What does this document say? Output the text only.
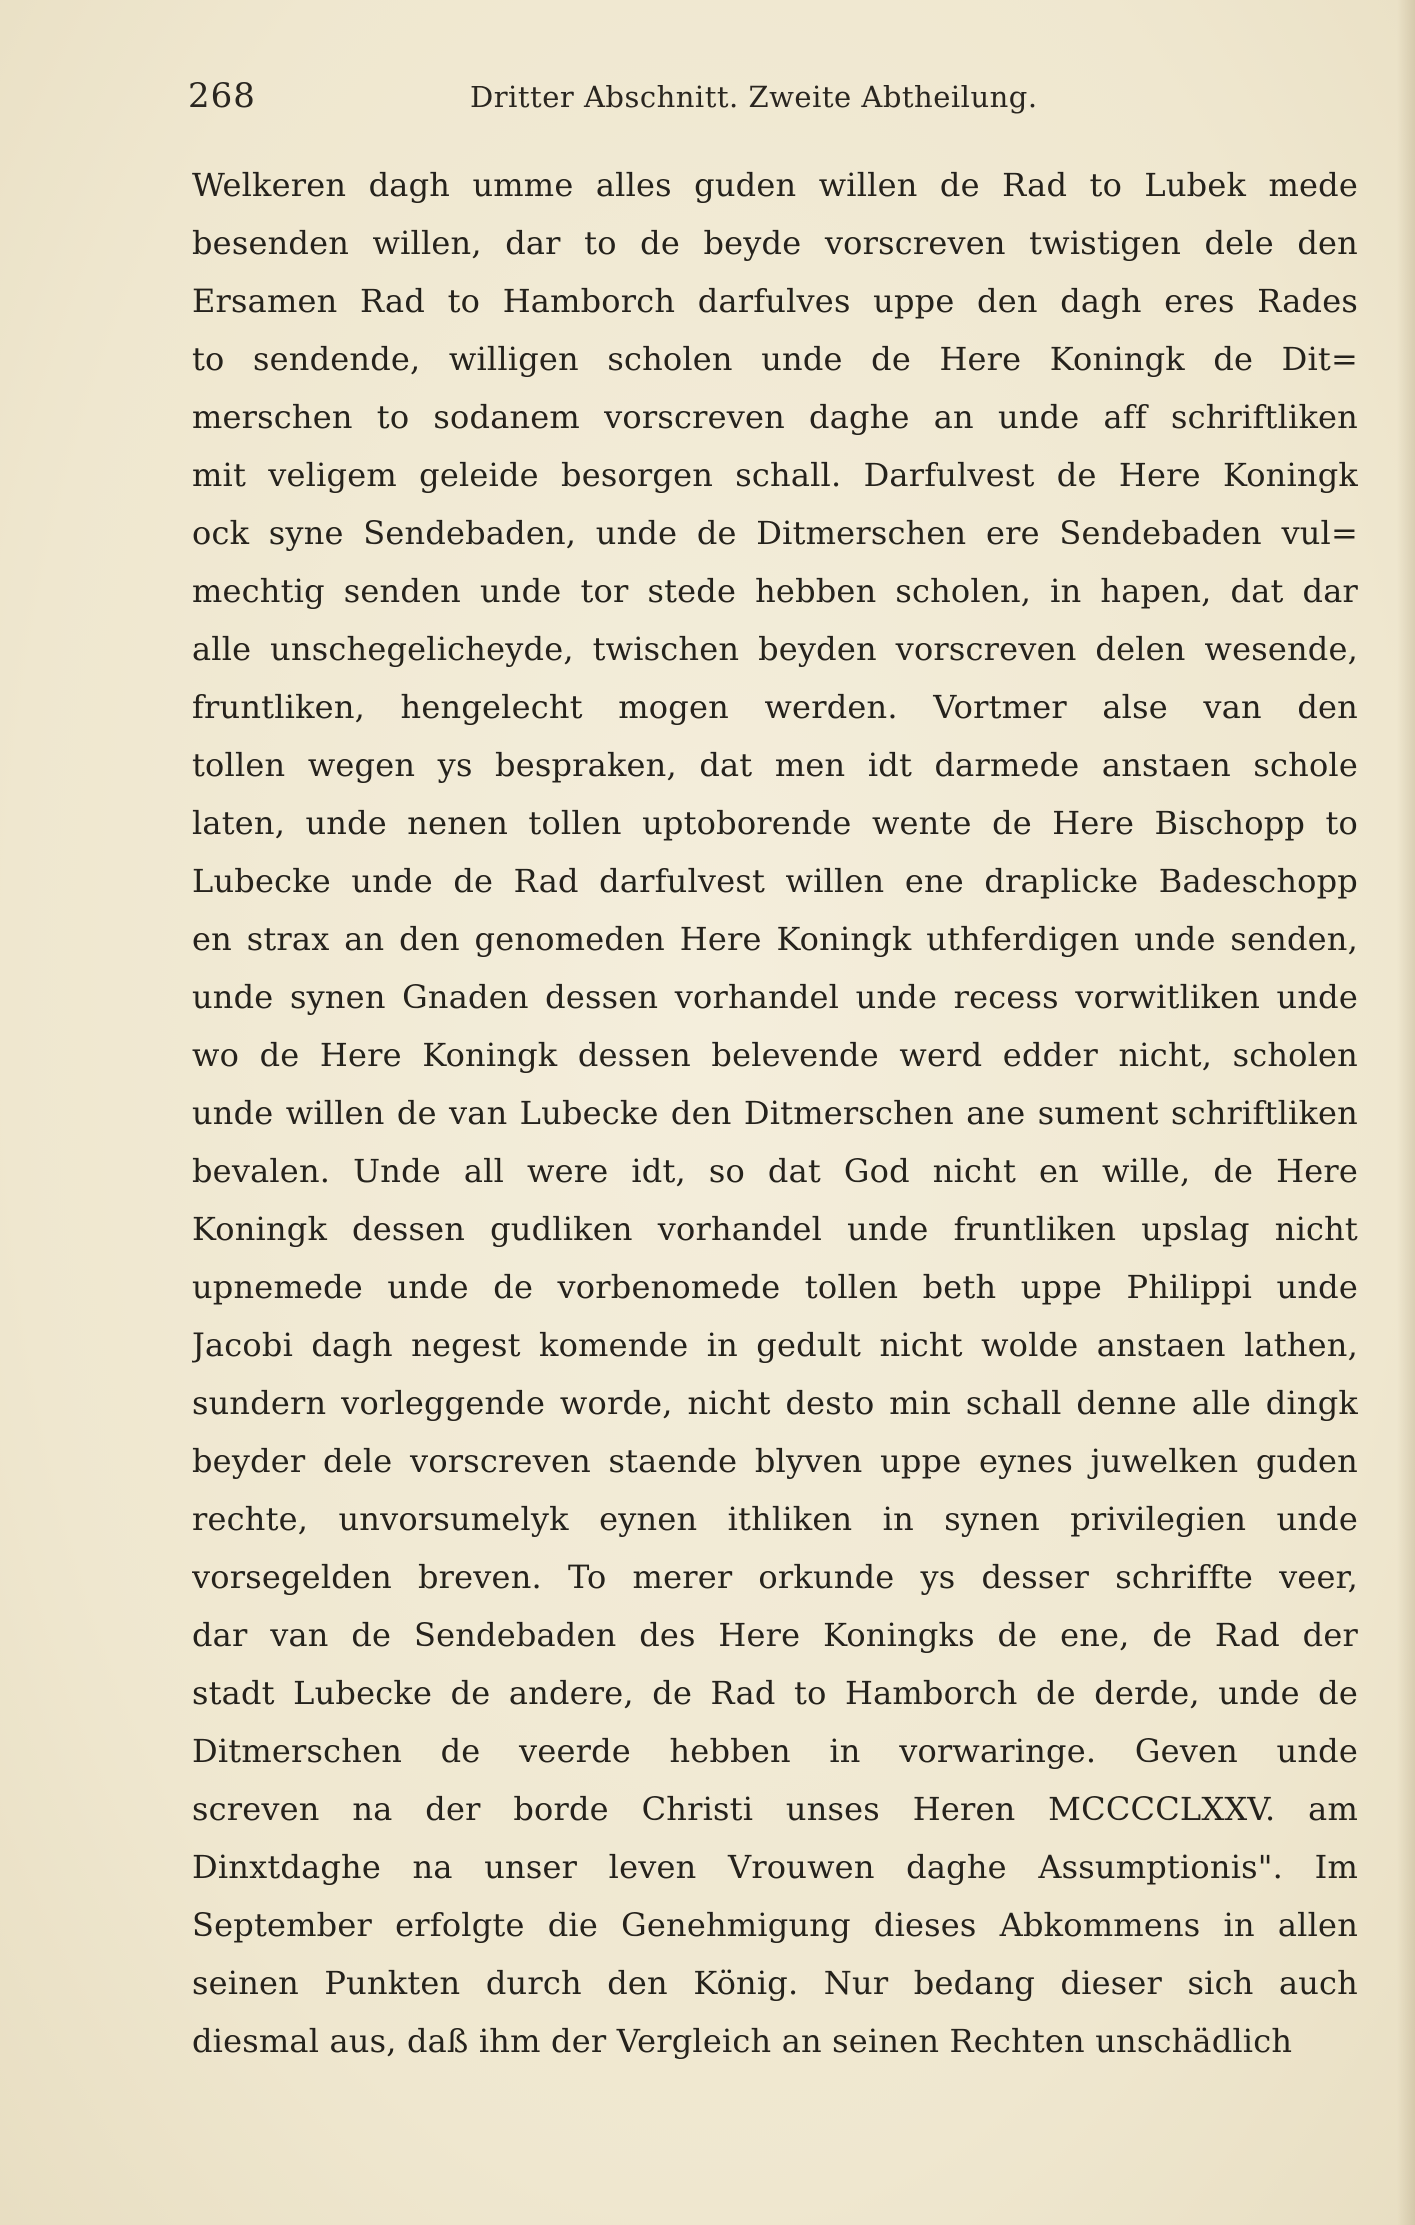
268	Dritter Abschnitt. Zweite Abtheilung.
Welkeren dagh umme alles guden willen de Rad to Lubek mede
besenden willen, dar to de beyde vorscreven twistigen dele den
Ersamen Rad to Hamborch darfulves uppe den dagh eres Rades
to sendende, willigen scholen unde de Here Koningk de Dit=
merschen to sodanem vorscreven daghe an unde aff schriftliken
mit veligem geleide besorgen schall. Darfulvest de Here Koningk
ock syne Sendebaden, unde de Ditmerschen ere Sendebaden vul=
mechtig senden unde tor stede hebben scholen, in hapen, dat dar
alle unschegelicheyde, twischen beyden vorscreven delen wesende,
fruntliken, hengelecht mogen werden. Vortmer alse van den
tollen wegen ys bespraken, dat men idt darmede anstaen schole
laten, unde nenen tollen uptoborende wente de Here Bischopp to
Lubecke unde de Rad darfulvest willen ene draplicke Badeschopp
en strax an den genomeden Here Koningk uthferdigen unde senden,
unde synen Gnaden dessen vorhandel unde recess vorwitliken unde
wo de Here Koningk dessen belevende werd edder nicht, scholen
unde willen de van Lubecke den Ditmerschen ane sument schriftliken
bevalen. Unde all were idt, so dat God nicht en wille, de Here
Koningk dessen gudliken vorhandel unde fruntliken upslag nicht
upnemede unde de vorbenomede tollen beth uppe Philippi unde
Jacobi dagh negest komende in gedult nicht wolde anstaen lathen,
sundern vorleggende worde, nicht desto min schall denne alle dingk
beyder dele vorscreven staende blyven uppe eynes juwelken guden
rechte, unvorsumelyk eynen ithliken in synen privilegien unde
vorsegelden breven. To merer orkunde ys desser schriffte veer,
dar van de Sendebaden des Here Koningks de ene, de Rad der
stadt Lubecke de andere, de Rad to Hamborch de derde, unde de
Ditmerschen de veerde hebben in vorwaringe. Geven unde
screven na der borde Christi unses Heren MCCCCLXXV. am
Dinxtdaghe na unser leven Vrouwen daghe Assumptionis". Im
September erfolgte die Genehmigung dieses Abkommens in allen
seinen Punkten durch den König. Nur bedang dieser sich auch
diesmal aus, daß ihm der Vergleich an seinen Rechten unschädlich
